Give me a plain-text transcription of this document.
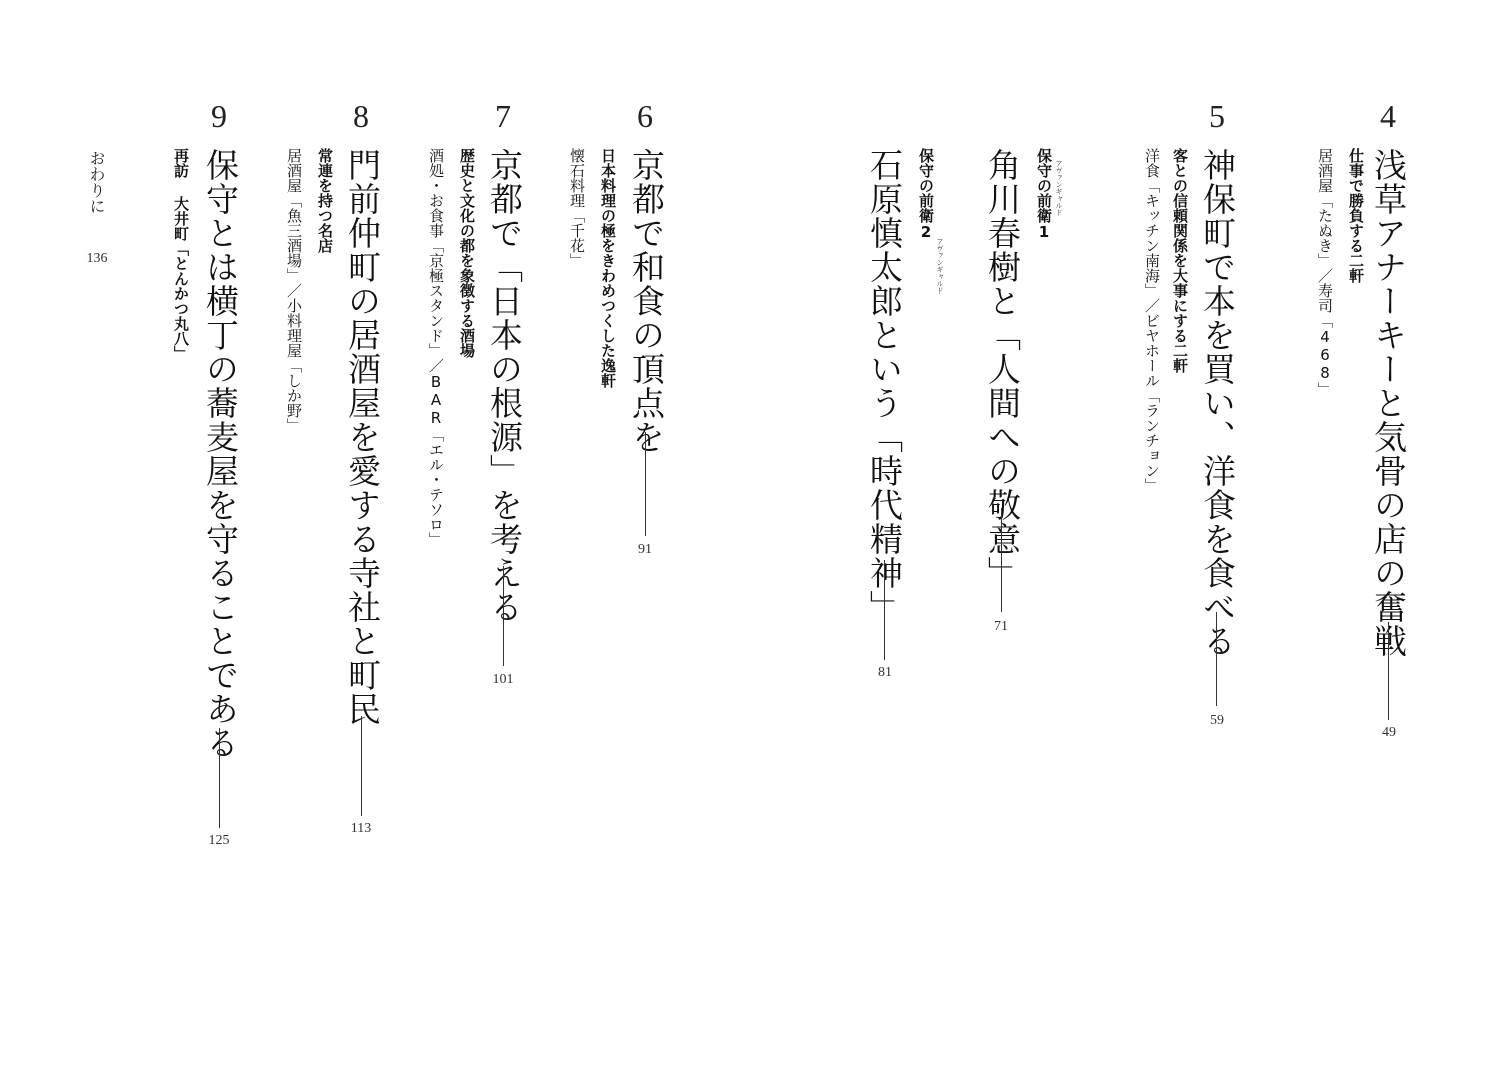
4
浅草アナーキーと気骨の店の奮戦
仕事で勝負する二軒
居酒屋「たぬき」／寿司「468」
49
5
神保町で本を買い、洋食を食べる
客との信頼関係を大事にする二軒
洋食「キッチン南海」／ビヤホール「ランチョン」
59
アヴァンギャルド
保守の前衛1
角川春樹と「人間への敬意」
71
アヴァンギャルド
保守の前衛2
石原慎太郎という「時代精神」
81
6
京都で和食の頂点を
日本料理の極をきわめつくした逸軒
懐石料理「千花」
91
7
京都で「日本の根源」を考える
歴史と文化の都を象徴する酒場
酒処・お食事「京極スタンド」／BAR「エル・テソロ」
101
8
門前仲町の居酒屋を愛する寺社と町民
常連を持つ名店
居酒屋「魚三酒場」／小料理屋「しか野」
113
9
保守とは横丁の蕎麦屋を守ることである
再訪 大井町「とんかつ丸八」
125
おわりに
136
